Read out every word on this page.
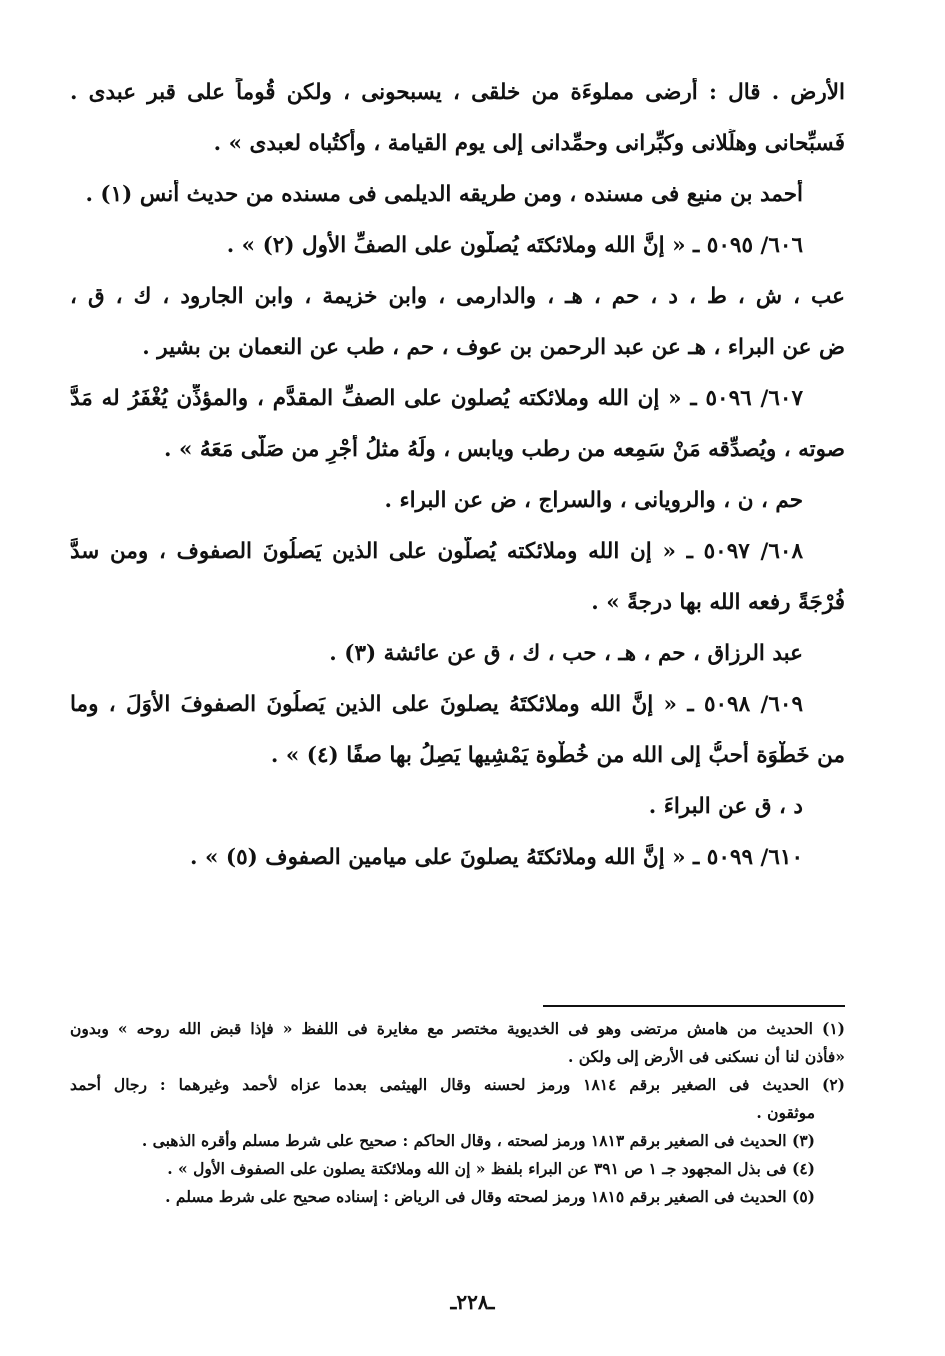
الأرض . قال : أرضى مملوءَة من خلقى ، يسبحونى ، ولكن قُوماً على قبر عبدى .
فَسبِّحانى وهلِّلانى وكبِّرانى وحمِّدانى إلى يوم القيامة ، وأكتُباه لعبدى » .
أحمد بن منيع فى مسنده ، ومن طريقه الديلمى فى مسنده من حديث أنس (١) .
٦٠٦/ ٥٠٩٥ ـ « إنَّ الله وملائكتَه يُصلّون على الصفِّ الأول (٢) » .
عب ، ش ، ط ، د ، حم ، هـ ، والدارمى ، وابن خزيمة ، وابن الجارود ، ك ، ق ،
ض عن البراء ، هـ عن عبد الرحمن بن عوف ، حم ، طب عن النعمان بن بشير .
٦٠٧/ ٥٠٩٦ ـ « إن الله وملائكته يُصلون على الصفِّ المقدَّم ، والمؤذِّن يُغْفَرُ له مَدَّ
صوته ، ويُصدِّقه مَنْ سَمِعه من رطب ويابس ، ولَهُ مثلُ أجْرِ من صَلَّى مَعَهُ » .
حم ، ن ، والرويانى ، والسراج ، ض عن البراء .
٦٠٨/ ٥٠٩٧ ـ « إن الله وملائكته يُصلُّون على الذين يَصلُونَ الصفوف ، ومن سدَّ
فُرْجَةً رفعه الله بها درجةً » .
عبد الرزاق ، حم ، هـ ، حب ، ك ، ق عن عائشة (٣) .
٦٠٩/ ٥٠٩٨ ـ « إنَّ الله وملائكتَهُ يصلونَ على الذين يَصلُونَ الصفوفَ الأُوَلَ ، وما
من خَطْوَة أحبُّ إلى الله من خُطْوة يَمْشِيها يَصِلُ بها صفًا (٤) » .
د ، ق عن البراءَ .
٦١٠/ ٥٠٩٩ ـ « إنَّ الله وملائكتَهُ يصلونَ على ميامين الصفوف (٥) » .
(١) الحديث من هامش مرتضى وهو فى الخديوية مختصر مع مغايرة فى اللفظ « فإذا قبض الله روحه » وبدون
«فأذن لنا أن نسكنى فى الأرض إلى ولكن .
(٢) الحديث فى الصغير برقم ١٨١٤ ورمز لحسنه وقال الهيثمى بعدما عزاه لأحمد وغيرهما : رجال أحمد
موثقون .
(٣) الحديث فى الصغير برقم ١٨١٣ ورمز لصحته ، وقال الحاكم : صحيح على شرط مسلم وأقره الذهبى .
(٤) فى بذل المجهود جـ ١ ص ٣٩١ عن البراء بلفظ « إن الله وملائكتة يصلون على الصفوف الأول » .
(٥) الحديث فى الصغير برقم ١٨١٥ ورمز لصحته وقال فى الرياض : إسناده صحيح على شرط مسلم .
ـ٢٢٨ـ
